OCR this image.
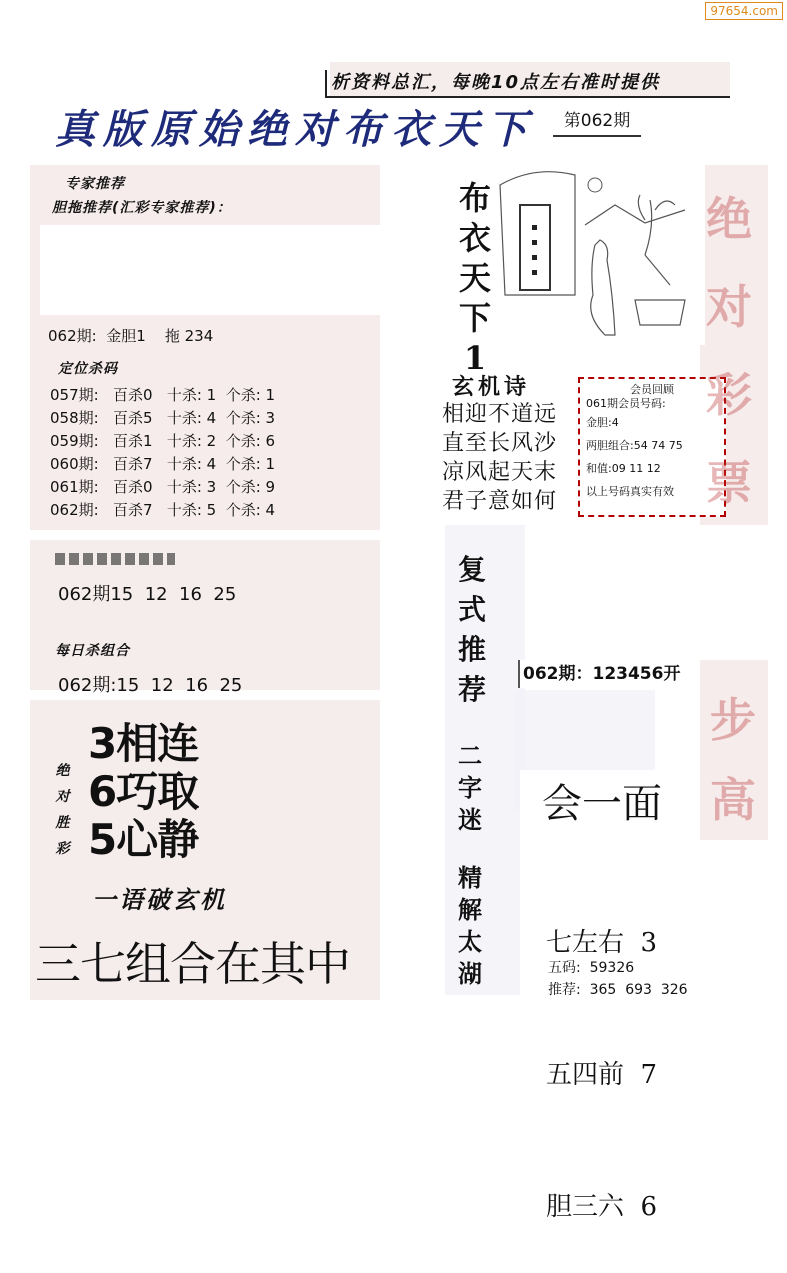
97654.com
析资料总汇，每晚10点左右准时提供
真版原始绝对布衣天下	第062期
专家推荐
胆拖推荐(汇彩专家推荐)：
062期:  金胆1    拖 234
定位杀码
057期:   百杀0   十杀: 1  个杀: 1
058期:   百杀5   十杀: 4  个杀: 3
059期:   百杀1   十杀: 2  个杀: 6
060期:   百杀7   十杀: 4  个杀: 1
061期:   百杀0   十杀: 3  个杀: 9
062期:   百杀7   十杀: 5  个杀: 4
062期15  12  16  25
每日杀组合
062期:15  12  16  25
绝
对
胜
彩
3相连
6巧取
5心静
一语破玄机
三七组合在其中
布
衣
天
下
1
玄机诗
相迎不道远
直至长风沙
凉风起天末
君子意如何
会员回顾
061期会员号码:
金胆:4
两胆组合:54 74 75
和值:09 11 12
以上号码真实有效
复
式
推
荐	062期：123456开
二
字
迷
精
解
太
湖
会一面

七左右  3

五四前  7

胆三六  6

五码:  59326
推荐:  365  693  326
绝
对
彩
票
步
高
